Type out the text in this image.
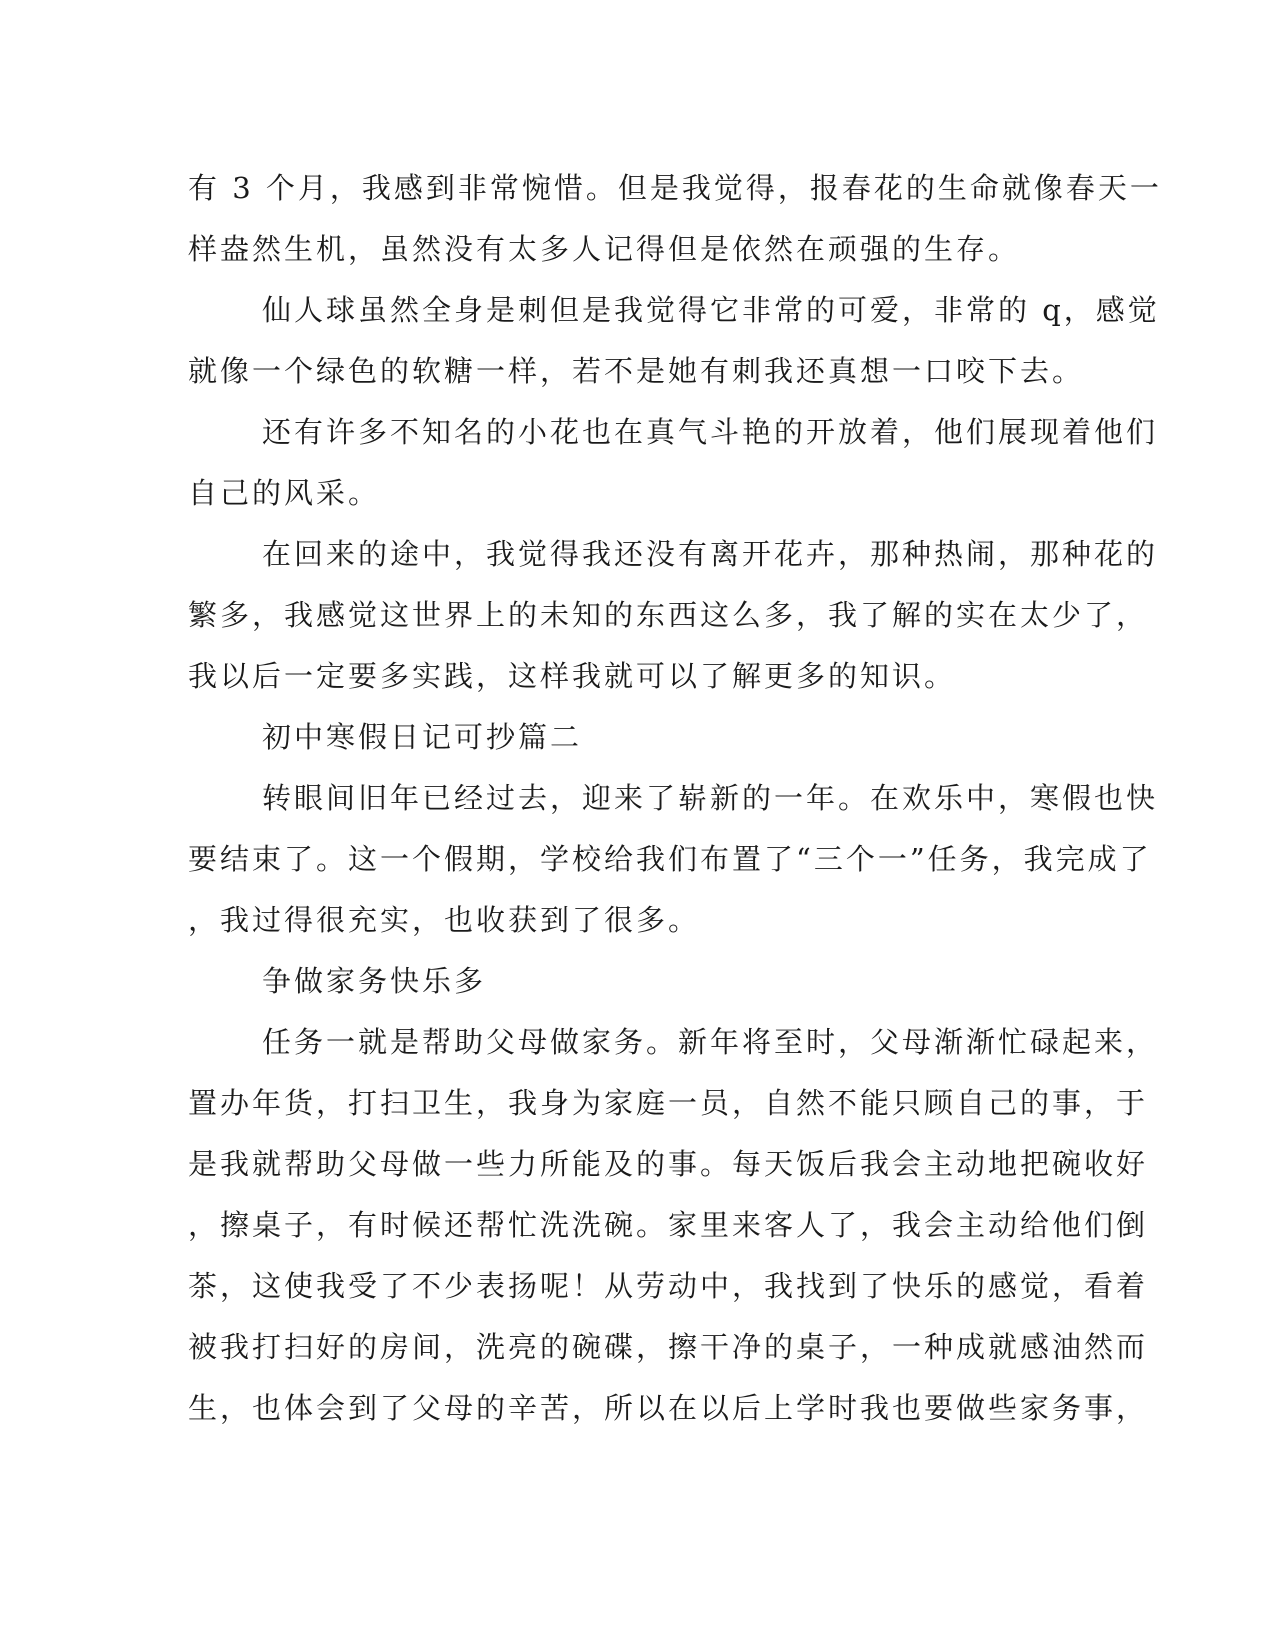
有 3 个月，我感到非常惋惜。但是我觉得，报春花的生命就像春天一
样盎然生机，虽然没有太多人记得但是依然在顽强的生存。
仙人球虽然全身是刺但是我觉得它非常的可爱，非常的 q，感觉
就像一个绿色的软糖一样，若不是她有刺我还真想一口咬下去。
还有许多不知名的小花也在真气斗艳的开放着，他们展现着他们
自己的风采。
在回来的途中，我觉得我还没有离开花卉，那种热闹，那种花的
繁多，我感觉这世界上的未知的东西这么多，我了解的实在太少了，
我以后一定要多实践，这样我就可以了解更多的知识。
初中寒假日记可抄篇二
转眼间旧年已经过去，迎来了崭新的一年。在欢乐中，寒假也快
要结束了。这一个假期，学校给我们布置了“三个一”任务，我完成了
，我过得很充实，也收获到了很多。
争做家务快乐多
任务一就是帮助父母做家务。新年将至时，父母渐渐忙碌起来，
置办年货，打扫卫生，我身为家庭一员，自然不能只顾自己的事，于
是我就帮助父母做一些力所能及的事。每天饭后我会主动地把碗收好
，擦桌子，有时候还帮忙洗洗碗。家里来客人了，我会主动给他们倒
茶，这使我受了不少表扬呢！从劳动中，我找到了快乐的感觉，看着
被我打扫好的房间，洗亮的碗碟，擦干净的桌子，一种成就感油然而
生，也体会到了父母的辛苦，所以在以后上学时我也要做些家务事，
